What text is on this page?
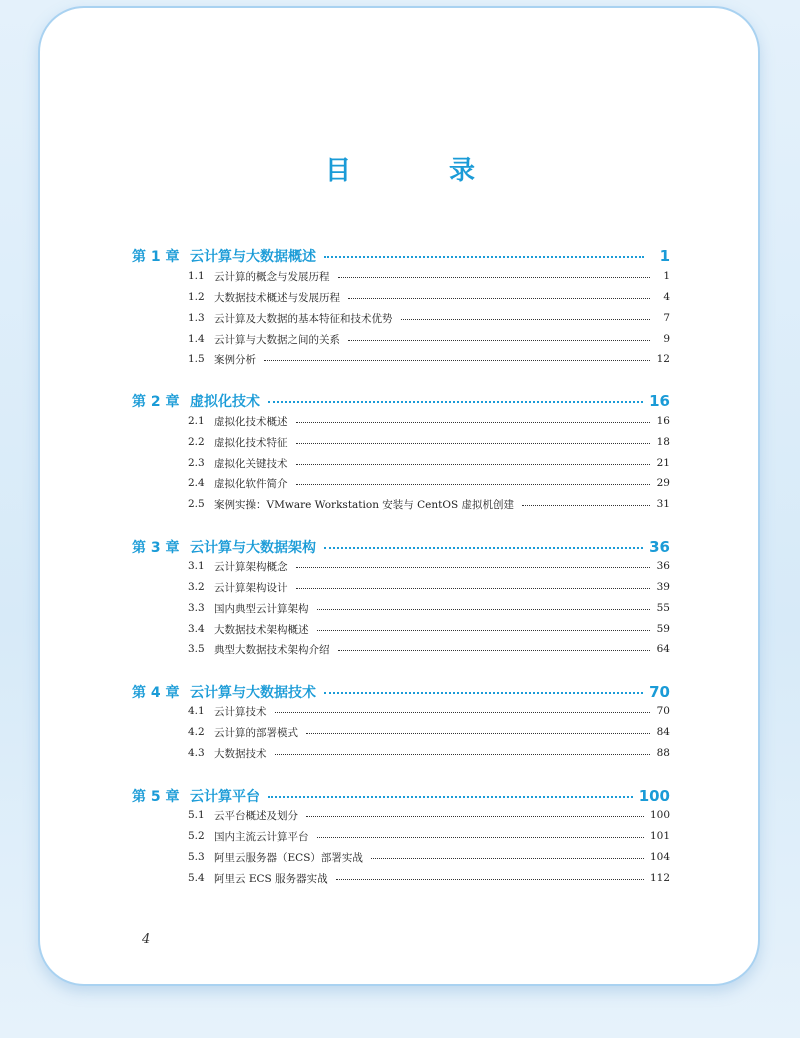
目　录
第 1 章 云计算与大数据概述	1
1.1 云计算的概念与发展历程	1
1.2 大数据技术概述与发展历程	4
1.3 云计算及大数据的基本特征和技术优势	7
1.4 云计算与大数据之间的关系	9
1.5 案例分析	12
第 2 章 虚拟化技术	16
2.1 虚拟化技术概述	16
2.2 虚拟化技术特征	18
2.3 虚拟化关键技术	21
2.4 虚拟化软件简介	29
2.5 案例实操：VMware Workstation 安装与 CentOS 虚拟机创建	31
第 3 章 云计算与大数据架构	36
3.1 云计算架构概念	36
3.2 云计算架构设计	39
3.3 国内典型云计算架构	55
3.4 大数据技术架构概述	59
3.5 典型大数据技术架构介绍	64
第 4 章 云计算与大数据技术	70
4.1 云计算技术	70
4.2 云计算的部署模式	84
4.3 大数据技术	88
第 5 章 云计算平台	100
5.1 云平台概述及划分	100
5.2 国内主流云计算平台	101
5.3 阿里云服务器（ECS）部署实战	104
5.4 阿里云 ECS 服务器实战	112
4
